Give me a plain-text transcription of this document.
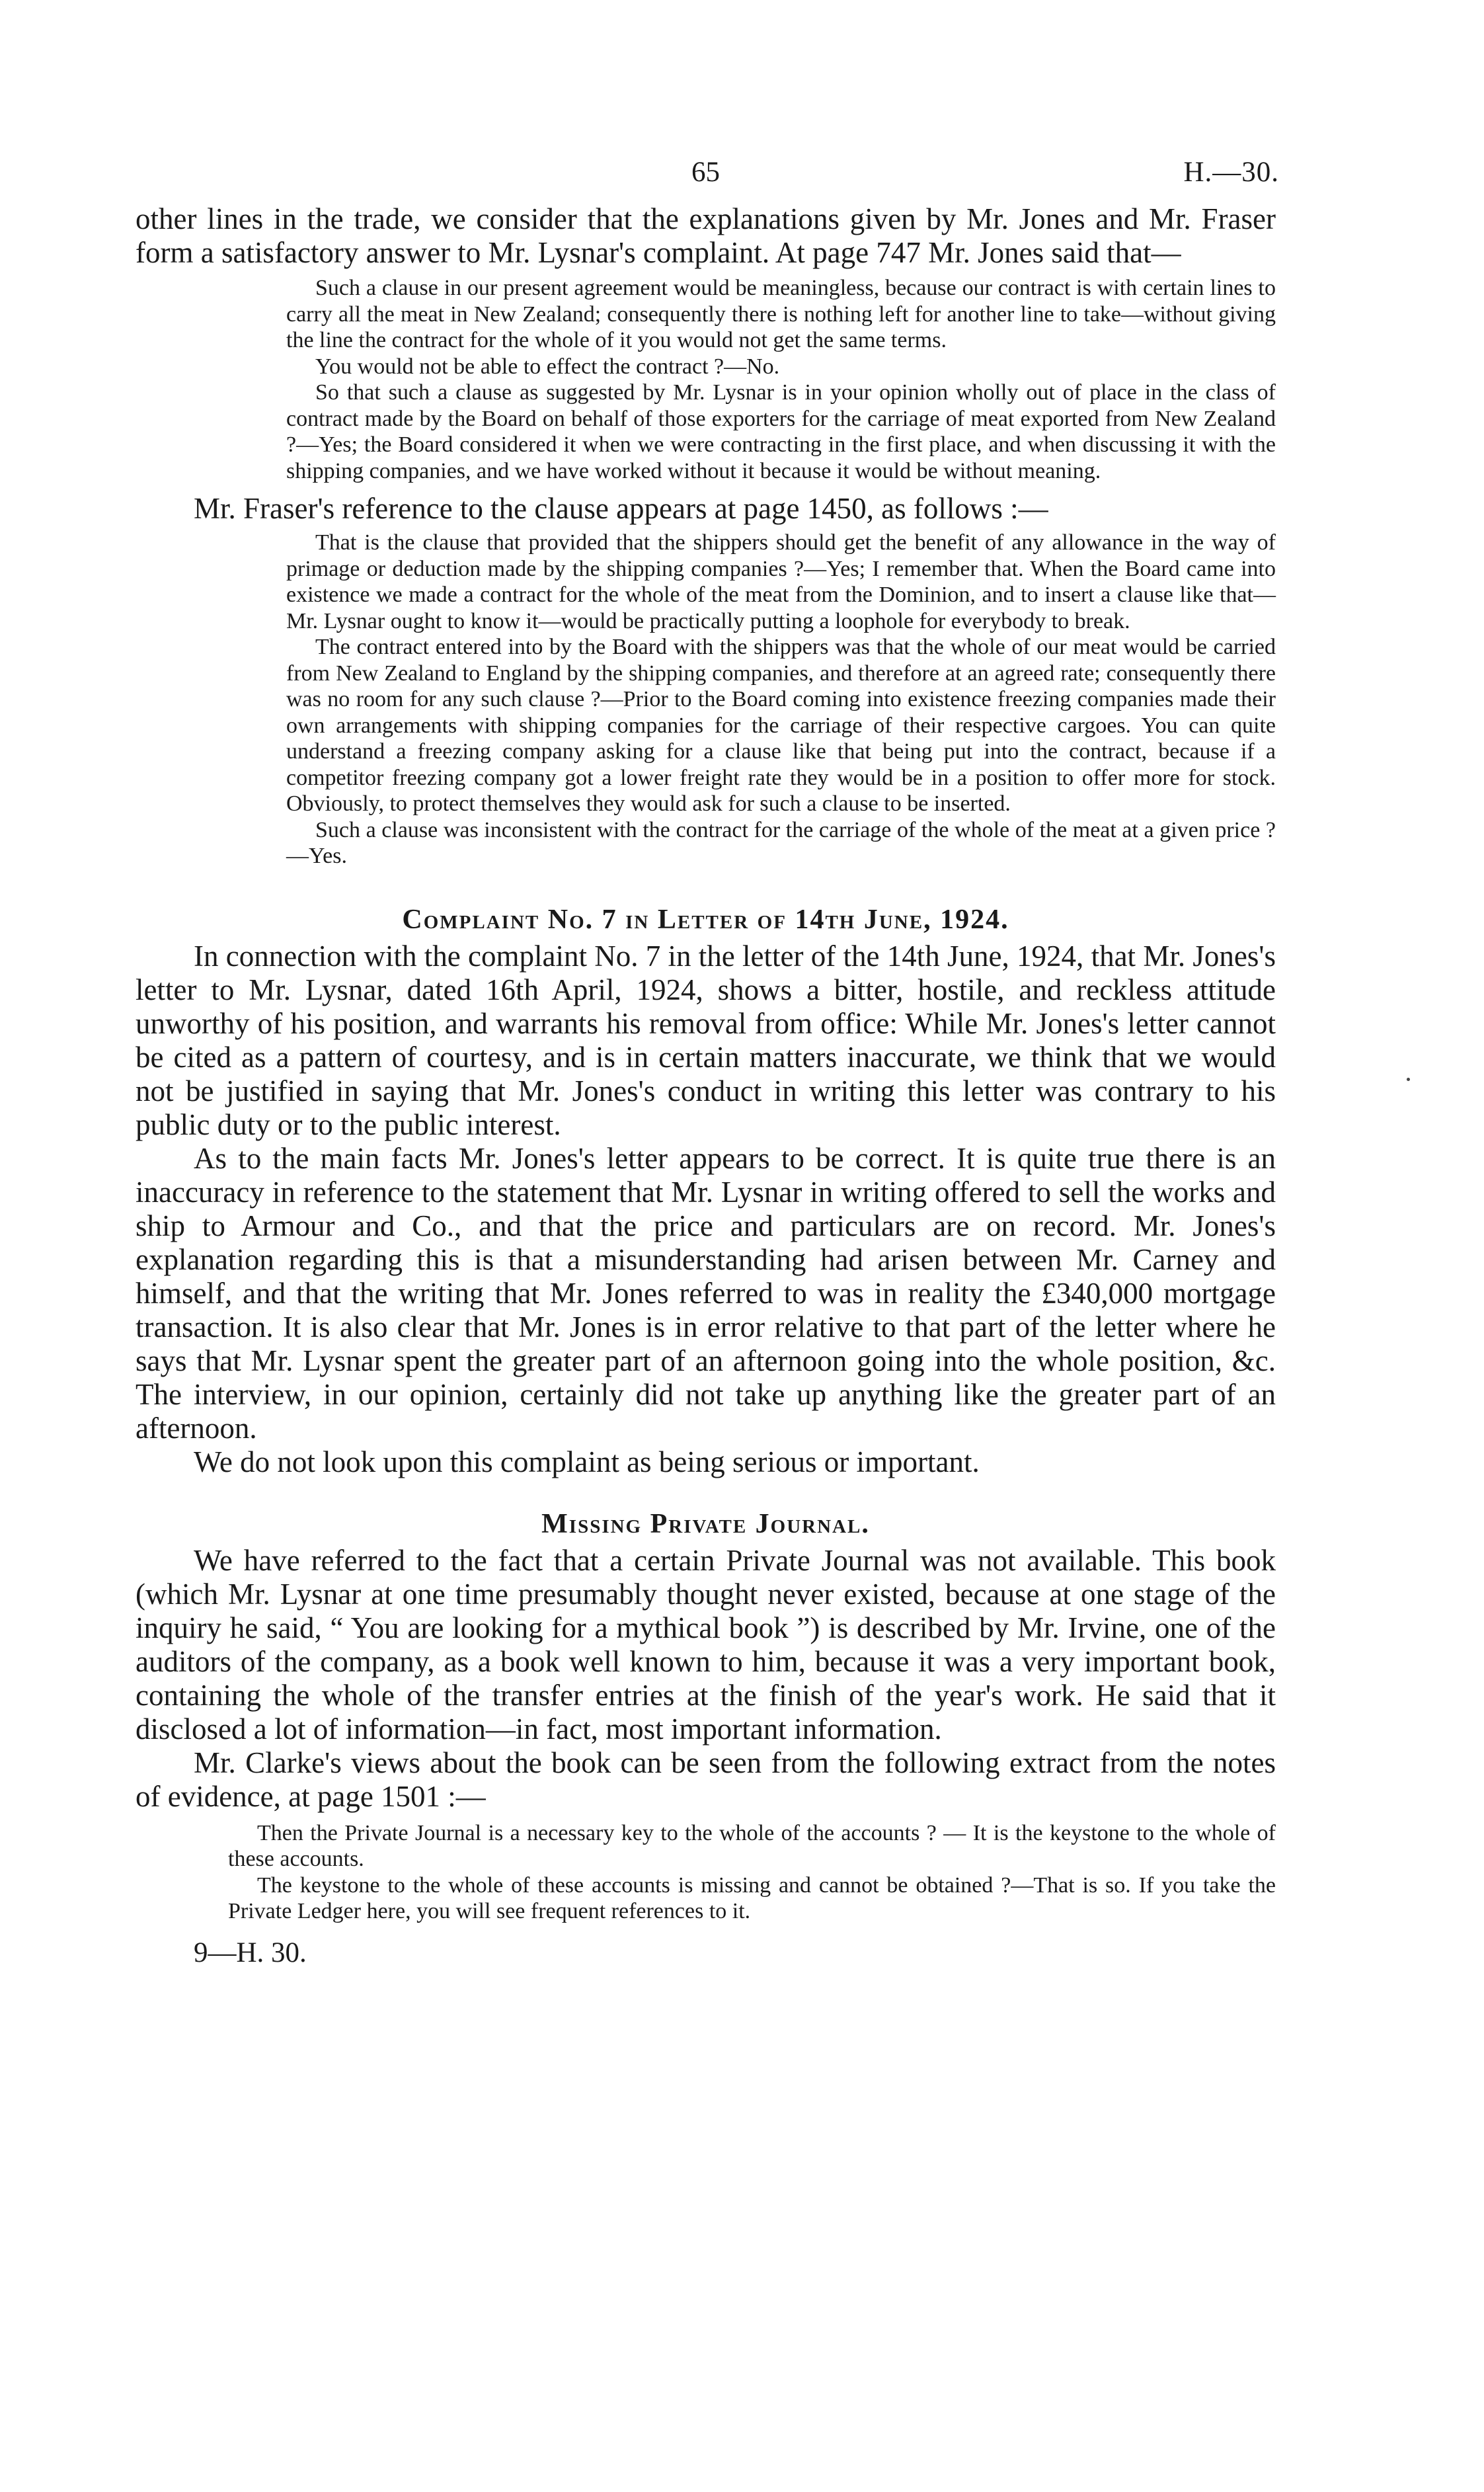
65	H.—30.

other lines in the trade, we consider that the explanations given by Mr. Jones and Mr. Fraser form a satisfactory answer to Mr. Lysnar's complaint. At page 747 Mr. Jones said that—

Such a clause in our present agreement would be meaningless, because our contract is with certain lines to carry all the meat in New Zealand; consequently there is nothing left for another line to take—without giving the line the contract for the whole of it you would not get the same terms.

You would not be able to effect the contract ?—No.

So that such a clause as suggested by Mr. Lysnar is in your opinion wholly out of place in the class of contract made by the Board on behalf of those exporters for the carriage of meat exported from New Zealand ?—Yes; the Board considered it when we were contracting in the first place, and when discussing it with the shipping companies, and we have worked without it because it would be without meaning.

Mr. Fraser's reference to the clause appears at page 1450, as follows :—

That is the clause that provided that the shippers should get the benefit of any allowance in the way of primage or deduction made by the shipping companies ?—Yes; I remember that. When the Board came into existence we made a contract for the whole of the meat from the Dominion, and to insert a clause like that—Mr. Lysnar ought to know it—would be practically putting a loophole for everybody to break.

The contract entered into by the Board with the shippers was that the whole of our meat would be carried from New Zealand to England by the shipping companies, and therefore at an agreed rate; consequently there was no room for any such clause ?—Prior to the Board coming into existence freezing companies made their own arrangements with shipping companies for the carriage of their respective cargoes. You can quite understand a freezing company asking for a clause like that being put into the contract, because if a competitor freezing company got a lower freight rate they would be in a position to offer more for stock. Obviously, to protect themselves they would ask for such a clause to be inserted.

Such a clause was inconsistent with the contract for the carriage of the whole of the meat at a given price ?—Yes.

Complaint No. 7 in Letter of 14th June, 1924.

In connection with the complaint No. 7 in the letter of the 14th June, 1924, that Mr. Jones's letter to Mr. Lysnar, dated 16th April, 1924, shows a bitter, hostile, and reckless attitude unworthy of his position, and warrants his removal from office: While Mr. Jones's letter cannot be cited as a pattern of courtesy, and is in certain matters inaccurate, we think that we would not be justified in saying that Mr. Jones's conduct in writing this letter was contrary to his public duty or to the public interest.

As to the main facts Mr. Jones's letter appears to be correct. It is quite true there is an inaccuracy in reference to the statement that Mr. Lysnar in writing offered to sell the works and ship to Armour and Co., and that the price and particulars are on record. Mr. Jones's explanation regarding this is that a misunderstanding had arisen between Mr. Carney and himself, and that the writing that Mr. Jones referred to was in reality the £340,000 mortgage transaction. It is also clear that Mr. Jones is in error relative to that part of the letter where he says that Mr. Lysnar spent the greater part of an afternoon going into the whole position, &c. The interview, in our opinion, certainly did not take up anything like the greater part of an afternoon.

We do not look upon this complaint as being serious or important.

Missing Private Journal.

We have referred to the fact that a certain Private Journal was not available. This book (which Mr. Lysnar at one time presumably thought never existed, because at one stage of the inquiry he said, “ You are looking for a mythical book ”) is described by Mr. Irvine, one of the auditors of the company, as a book well known to him, because it was a very important book, containing the whole of the transfer entries at the finish of the year's work. He said that it disclosed a lot of information—in fact, most important information.

Mr. Clarke's views about the book can be seen from the following extract from the notes of evidence, at page 1501 :—

Then the Private Journal is a necessary key to the whole of the accounts ? — It is the keystone to the whole of these accounts.

The keystone to the whole of these accounts is missing and cannot be obtained ?—That is so. If you take the Private Ledger here, you will see frequent references to it.

9—H. 30.
